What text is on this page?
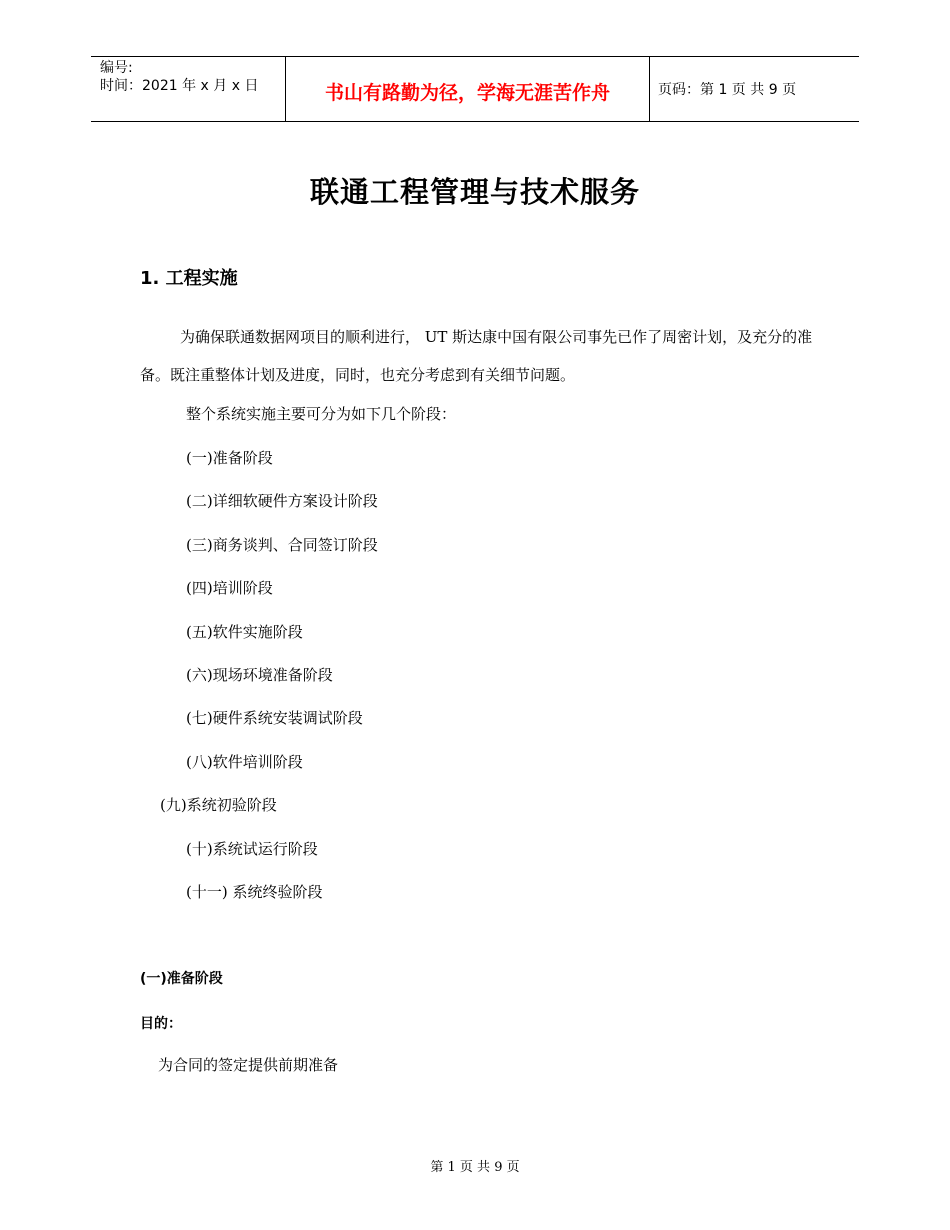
编号:
时间：2021 年 x 月 x 日	书山有路勤为径，学海无涯苦作舟	页码：第 1 页 共 9 页
联通工程管理与技术服务
1. 工程实施
为确保联通数据网项目的顺利进行， UT 斯达康中国有限公司事先已作了周密计划，及充分的准备。既注重整体计划及进度，同时，也充分考虑到有关细节问题。
整个系统实施主要可分为如下几个阶段：
(一)准备阶段
(二)详细软硬件方案设计阶段
(三)商务谈判、合同签订阶段
(四)培训阶段
(五)软件实施阶段
(六)现场环境准备阶段
(七)硬件系统安装调试阶段
(八)软件培训阶段
(九)系统初验阶段
(十)系统试运行阶段
(十一) 系统终验阶段
(一)准备阶段
目的：
为合同的签定提供前期准备
第 1 页 共 9 页
